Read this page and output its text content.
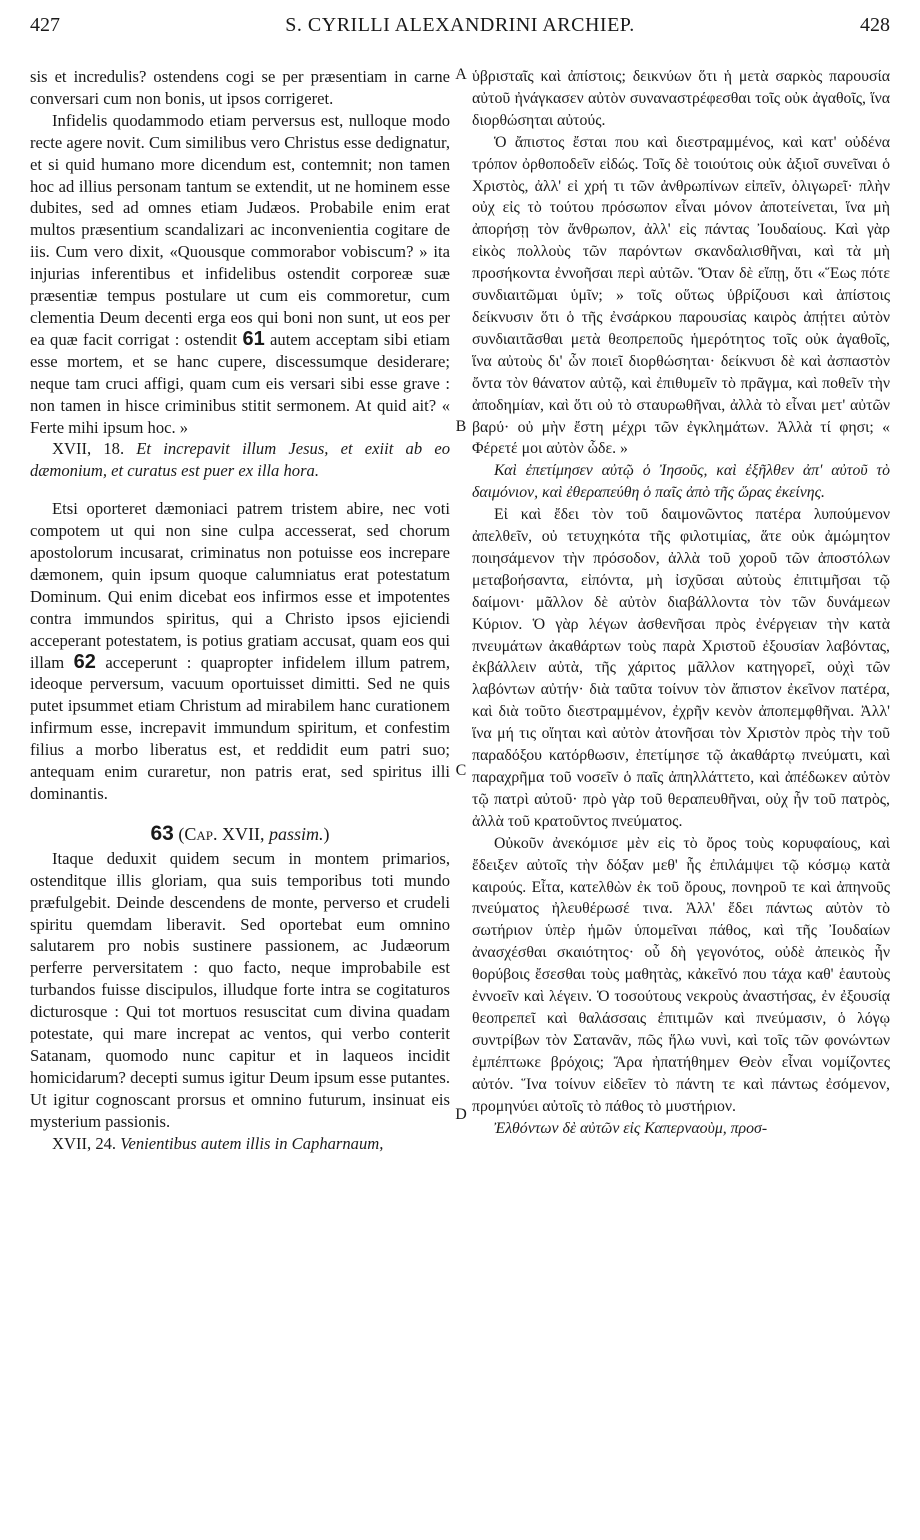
427	S. CYRILLI ALEXANDRINI ARCHIEP.	428
A
B
C
D

sis et incredulis? ostendens cogi se per præsentiam in carne conversari cum non bonis, ut ipsos corrigeret.

Infidelis quodammodo etiam perversus est, nulloque modo recte agere novit. Cum similibus vero Christus esse dedignatur, et si quid humano more dicendum est, contemnit; non tamen hoc ad illius personam tantum se extendit, ut ne hominem esse dubites, sed ad omnes etiam Judæos. Probabile enim erat multos præsentium scandalizari ac inconvenientia cogitare de iis. Cum vero dixit, «Quousque commorabor vobiscum? » ita injurias inferentibus et infidelibus ostendit corporeæ suæ præsentiæ tempus postulare ut cum eis commoretur, cum clementia Deum decenti erga eos qui boni non sunt, ut eos per ea quæ facit corrigat : ostendit 61 autem acceptam sibi etiam esse mortem, et se hanc cupere, discessumque desiderare; neque tam cruci affigi, quam cum eis versari sibi esse grave : non tamen in hisce criminibus stitit sermonem. At quid ait? « Ferte mihi ipsum hoc. »

XVII, 18. Et increpavit illum Jesus, et exiit ab eo dæmonium, et curatus est puer ex illa hora.

Etsi oporteret dæmoniaci patrem tristem abire, nec voti compotem ut qui non sine culpa accesserat, sed chorum apostolorum incusarat, criminatus non potuisse eos increpare dæmonem, quin ipsum quoque calumniatus erat potestatum Dominum. Qui enim dicebat eos infirmos esse et impotentes contra immundos spiritus, qui a Christo ipsos ejiciendi acceperant potestatem, is potius gratiam accusat, quam eos qui illam 62 acceperunt : quapropter infidelem illum patrem, ideoque perversum, vacuum oportuisset dimitti. Sed ne quis putet ipsummet etiam Christum ad mirabilem hanc curationem infirmum esse, increpavit immundum spiritum, et confestim filius a morbo liberatus est, et reddidit eum patri suo; antequam enim curaretur, non patris erat, sed spiritus illi dominantis.

63 (Cap. XVII, passim.)

Itaque deduxit quidem secum in montem primarios, ostenditque illis gloriam, qua suis temporibus toti mundo præfulgebit. Deinde descendens de monte, perverso et crudeli spiritu quemdam liberavit. Sed oportebat eum omnino salutarem pro nobis sustinere passionem, ac Judæorum perferre perversitatem : quo facto, neque improbabile est turbandos fuisse discipulos, illudque forte intra se cogitaturos dicturosque : Qui tot mortuos resuscitat cum divina quadam potestate, qui mare increpat ac ventos, qui verbo conterit Satanam, quomodo nunc capitur et in laqueos incidit homicidarum? decepti sumus igitur Deum ipsum esse putantes. Ut igitur cognoscant prorsus et omnino futurum, insinuat eis mysterium passionis.

XVII, 24. Venientibus autem illis in Capharnaum,

ὑβρισταῖς καὶ ἀπίστοις; δεικνύων ὅτι ἡ μετὰ σαρκὸς παρουσία αὐτοῦ ἠνάγκασεν αὐτὸν συναναστρέφεσθαι τοῖς οὐκ ἀγαθοῖς, ἵνα διορθώσηται αὐτούς.

Ὁ ἄπιστος ἔσται που καὶ διεστραμμένος, καὶ κατ' οὐδένα τρόπον ὀρθοποδεῖν εἰδώς. Τοῖς δὲ τοιούτοις οὐκ ἀξιοῖ συνεῖναι ὁ Χριστὸς, ἀλλ' εἰ χρή τι τῶν ἀνθρωπίνων εἰπεῖν, ὀλιγωρεῖ· πλὴν οὐχ εἰς τὸ τούτου πρόσωπον εἶναι μόνον ἀποτείνεται, ἵνα μὴ ἀπορήσῃ τὸν ἄνθρωπον, ἀλλ' εἰς πάντας Ἰουδαίους. Καὶ γὰρ εἰκὸς πολλοὺς τῶν παρόντων σκανδαλισθῆναι, καὶ τὰ μὴ προσήκοντα ἐννοῆσαι περὶ αὐτῶν. Ὅταν δὲ εἴπῃ, ὅτι «Ἕως πότε συνδιαιτῶμαι ὑμῖν; » τοῖς οὕτως ὑβρίζουσι καὶ ἀπίστοις δείκνυσιν ὅτι ὁ τῆς ἐνσάρκου παρουσίας καιρὸς ἀπῄτει αὐτὸν συνδιαιτᾶσθαι μετὰ θεοπρεποῦς ἡμερότητος τοῖς οὐκ ἀγαθοῖς, ἵνα αὐτοὺς δι' ὧν ποιεῖ διορθώσηται· δείκνυσι δὲ καὶ ἀσπαστὸν ὄντα τὸν θάνατον αὐτῷ, καὶ ἐπιθυμεῖν τὸ πρᾶγμα, καὶ ποθεῖν τὴν ἀποδημίαν, καὶ ὅτι οὐ τὸ σταυρωθῆναι, ἀλλὰ τὸ εἶναι μετ' αὐτῶν βαρύ· οὐ μὴν ἔστη μέχρι τῶν ἐγκλημάτων. Ἀλλὰ τί φησι; « Φέρετέ μοι αὐτὸν ὧδε. »

Καὶ ἐπετίμησεν αὐτῷ ὁ Ἰησοῦς, καὶ ἐξῆλθεν ἀπ' αὐτοῦ τὸ δαιμόνιον, καὶ ἐθεραπεύθη ὁ παῖς ἀπὸ τῆς ὥρας ἐκείνης.

Εἰ καὶ ἔδει τὸν τοῦ δαιμονῶντος πατέρα λυπούμενον ἀπελθεῖν, οὐ τετυχηκότα τῆς φιλοτιμίας, ἅτε οὐκ ἀμώμητον ποιησάμενον τὴν πρόσοδον, ἀλλὰ τοῦ χοροῦ τῶν ἀποστόλων μεταβοήσαντα, εἰπόντα, μὴ ἰσχῦσαι αὐτοὺς ἐπιτιμῆσαι τῷ δαίμονι· μᾶλλον δὲ αὐτὸν διαβάλλοντα τὸν τῶν δυνάμεων Κύριον. Ὁ γὰρ λέγων ἀσθενῆσαι πρὸς ἐνέργειαν τὴν κατὰ πνευμάτων ἀκαθάρτων τοὺς παρὰ Χριστοῦ ἐξουσίαν λαβόντας, ἐκβάλλειν αὐτὰ, τῆς χάριτος μᾶλλον κατηγορεῖ, οὐχὶ τῶν λαβόντων αὐτήν· διὰ ταῦτα τοίνυν τὸν ἄπιστον ἐκεῖνον πατέρα, καὶ διὰ τοῦτο διεστραμμένον, ἐχρῆν κενὸν ἀποπεμφθῆναι. Ἀλλ' ἵνα μή τις οἴηται καὶ αὐτὸν ἀτονῆσαι τὸν Χριστὸν πρὸς τὴν τοῦ παραδόξου κατόρθωσιν, ἐπετίμησε τῷ ἀκαθάρτῳ πνεύματι, καὶ παραχρῆμα τοῦ νοσεῖν ὁ παῖς ἀπηλλάττετο, καὶ ἀπέδωκεν αὐτὸν τῷ πατρὶ αὐτοῦ· πρὸ γὰρ τοῦ θεραπευθῆναι, οὐχ ἦν τοῦ πατρὸς, ἀλλὰ τοῦ κρατοῦντος πνεύματος.

Οὐκοῦν ἀνεκόμισε μὲν εἰς τὸ ὄρος τοὺς κορυφαίους, καὶ ἔδειξεν αὐτοῖς τὴν δόξαν μεθ' ἧς ἐπιλάμψει τῷ κόσμῳ κατὰ καιρούς. Εἶτα, κατελθὼν ἐκ τοῦ ὄρους, πονηροῦ τε καὶ ἀπηνοῦς πνεύματος ἠλευθέρωσέ τινα. Ἀλλ' ἔδει πάντως αὐτὸν τὸ σωτήριον ὑπὲρ ἡμῶν ὑπομεῖναι πάθος, καὶ τῆς Ἰουδαίων ἀνασχέσθαι σκαιότητος· οὗ δὴ γεγονότος, οὐδὲ ἀπεικὸς ἦν θορύβοις ἔσεσθαι τοὺς μαθητὰς, κἀκεῖνό που τάχα καθ' ἑαυτοὺς ἐννοεῖν καὶ λέγειν. Ὁ τοσούτους νεκροὺς ἀναστήσας, ἐν ἐξουσίᾳ θεοπρεπεῖ καὶ θαλάσσαις ἐπιτιμῶν καὶ πνεύμασιν, ὁ λόγῳ συντρίβων τὸν Σατανᾶν, πῶς ἥλω νυνὶ, καὶ τοῖς τῶν φονώντων ἐμπέπτωκε βρόχοις; Ἄρα ἠπατήθημεν Θεὸν εἶναι νομίζοντες αὐτόν. Ἵνα τοίνυν εἰδεῖεν τὸ πάντη τε καὶ πάντως ἐσόμενον, προμηνύει αὐτοῖς τὸ πάθος τὸ μυστήριον.

Ἐλθόντων δὲ αὐτῶν εἰς Καπερναοὺμ, προσ-
